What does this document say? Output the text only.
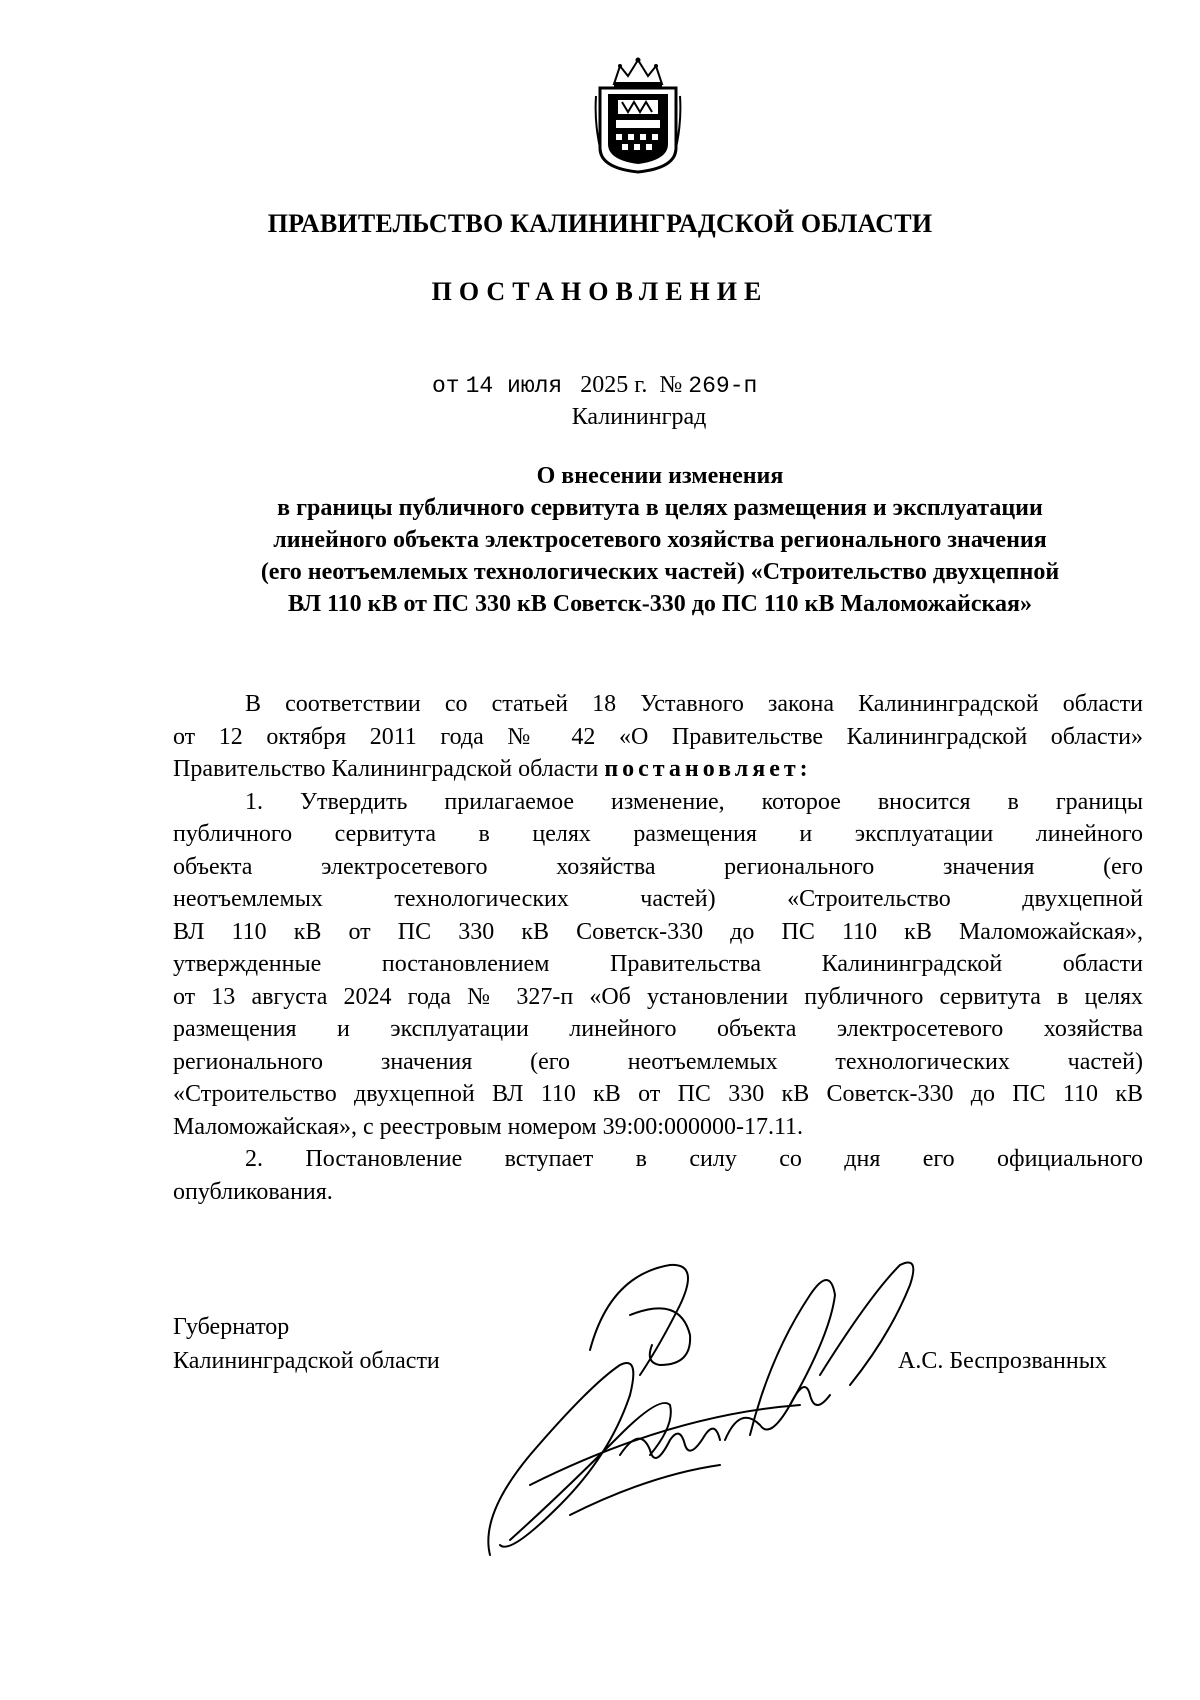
ПРАВИТЕЛЬСТВО КАЛИНИНГРАДСКОЙ ОБЛАСТИ
ПОСТАНОВЛЕНИЕ
от 14 июля 2025 г. № 269-п
Калининград
О внесении изменения
в границы публичного сервитута в целях размещения и эксплуатации
линейного объекта электросетевого хозяйства регионального значения
(его неотъемлемых технологических частей) «Строительство двухцепной
ВЛ 110 кВ от ПС 330 кВ Советск-330 до ПС 110 кВ Маломожайская»
В соответствии со статьей 18 Уставного закона Калининградской области
от 12 октября 2011 года № 42 «О Правительстве Калининградской области»
Правительство Калининградской области постановляет:
1. Утвердить прилагаемое изменение, которое вносится в границы
публичного сервитута в целях размещения и эксплуатации линейного
объекта электросетевого хозяйства регионального значения (его
неотъемлемых технологических частей) «Строительство двухцепной
ВЛ 110 кВ от ПС 330 кВ Советск-330 до ПС 110 кВ Маломожайская»,
утвержденные постановлением Правительства Калининградской области
от 13 августа 2024 года № 327-п «Об установлении публичного сервитута в целях
размещения и эксплуатации линейного объекта электросетевого хозяйства
регионального значения (его неотъемлемых технологических частей)
«Строительство двухцепной ВЛ 110 кВ от ПС 330 кВ Советск-330 до ПС 110 кВ
Маломожайская», с реестровым номером 39:00:000000-17.11.
2. Постановление вступает в силу со дня его официального
опубликования.
Губернатор
Калининградской области	А.С. Беспрозванных
